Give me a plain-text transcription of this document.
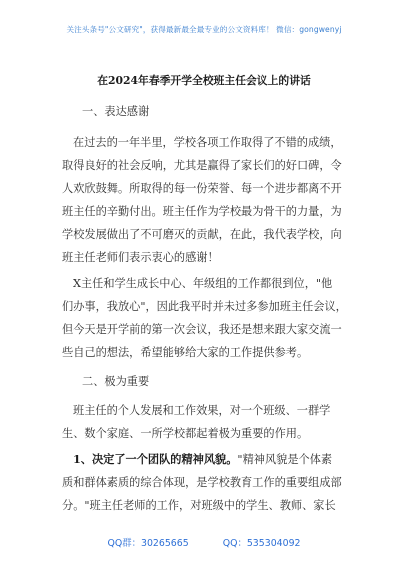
关注头条号"公文研究"，获得最新最全最专业的公文资料库！ 微信：gongwenyj
在2024年春季开学全校班主任会议上的讲话
一、表达感谢
在过去的一年半里，学校各项工作取得了不错的成绩，
取得良好的社会反响，尤其是赢得了家长们的好口碑，令
人欢欣鼓舞。所取得的每一份荣誉、每一个进步都离不开
班主任的辛勤付出。班主任作为学校最为骨干的力量，为
学校发展做出了不可磨灭的贡献，在此，我代表学校，向
班主任老师们表示衷心的感谢！
X主任和学生成长中心、年级组的工作都很到位，"他
们办事，我放心"，因此我平时并未过多参加班主任会议，
但今天是开学前的第一次会议，我还是想来跟大家交流一
些自己的想法，希望能够给大家的工作提供参考。
二、极为重要
班主任的个人发展和工作效果，对一个班级、一群学
生、数个家庭、一所学校都起着极为重要的作用。
1、决定了一个团队的精神风貌。"精神风貌是个体素
质和群体素质的综合体现，是学校教育工作的重要组成部
分。"班主任老师的工作，对班级中的学生、教师、家长
QQ群：30265665	QQ：535304092
